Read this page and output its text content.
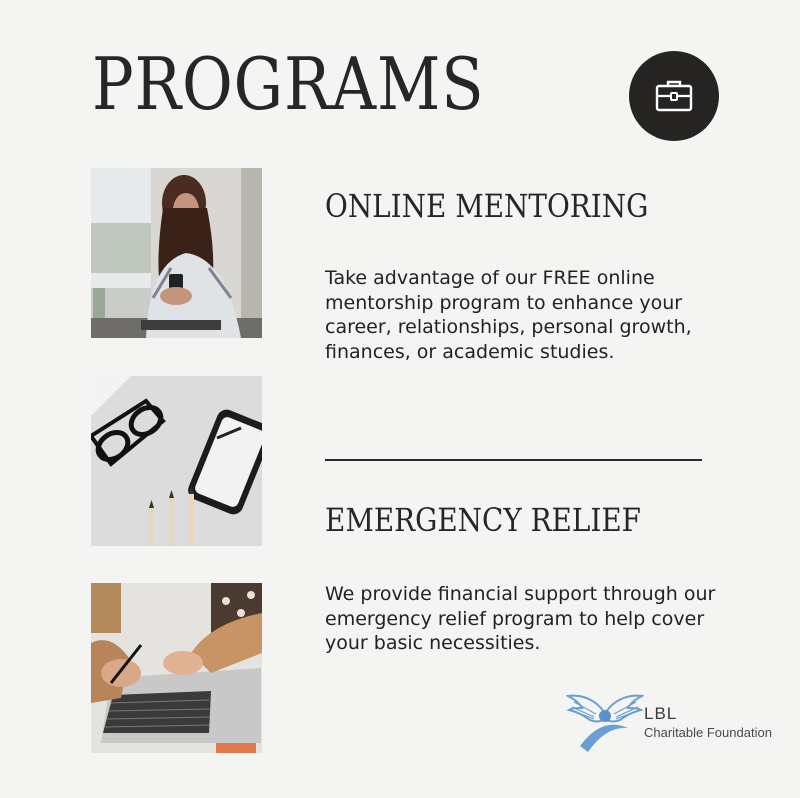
PROGRAMS
ONLINE MENTORING

Take advantage of our FREE online mentorship program to enhance your career, relationships, personal growth, finances, or academic studies.

EMERGENCY RELIEF

We provide financial support through our emergency relief program to help cover your basic necessities.

LBL
Charitable Foundation
